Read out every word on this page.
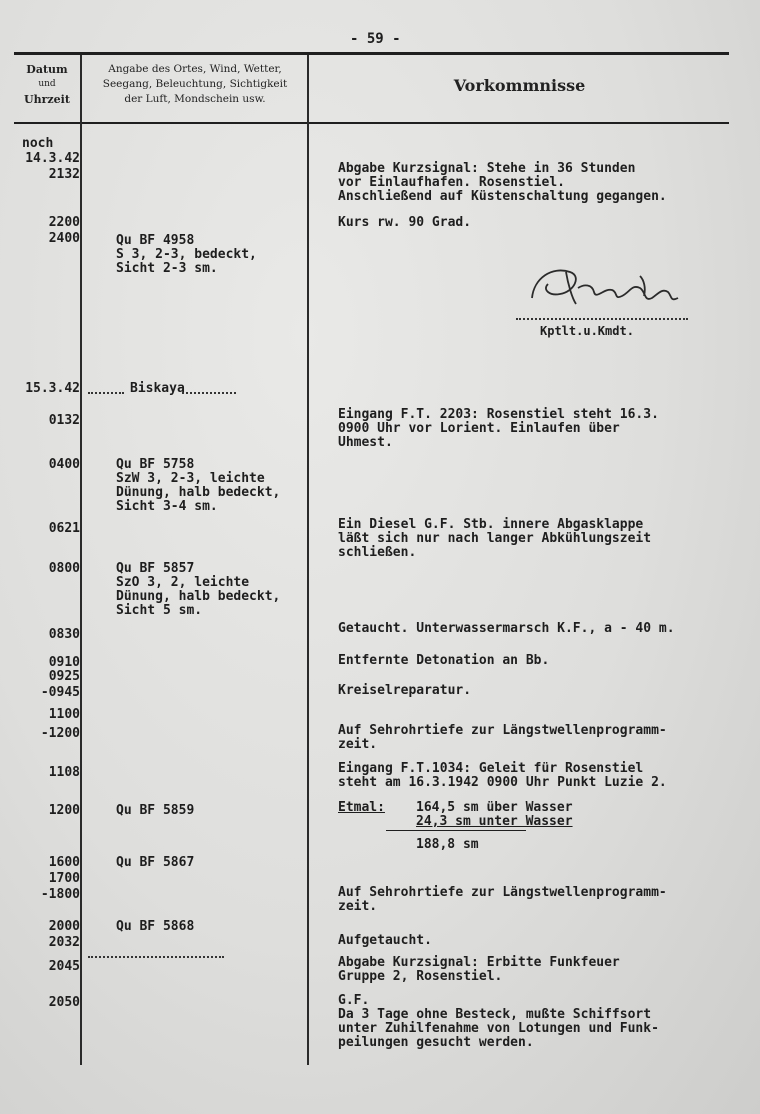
- 59 -
Datum
und
Uhrzeit
Angabe des Ortes, Wind, Wetter,
Seegang, Beleuchtung, Sichtigkeit
der Luft, Mondschein usw.
Vorkommnisse
noch
14.3.42
2132
2200
2400
15.3.42
0132
0400
0621
0800
0830
0910
0925
-0945
1100
-1200
1108
1200
1600
1700
-1800
2000
2032
2045
2050
Qu BF 4958
S 3, 2-3, bedeckt,
Sicht 2-3 sm.
Biskaya
Qu BF 5758
SzW 3, 2-3, leichte
Dünung, halb bedeckt,
Sicht 3-4 sm.
Qu BF 5857
SzO 3, 2, leichte
Dünung, halb bedeckt,
Sicht 5 sm.
Qu BF 5859
Qu BF 5867
Qu BF 5868
Abgabe Kurzsignal: Stehe in 36 Stunden
vor Einlaufhafen. Rosenstiel.
Anschließend auf Küstenschaltung gegangen.
Kurs rw. 90 Grad.
Kptlt.u.Kmdt.
Eingang F.T. 2203: Rosenstiel steht 16.3.
0900 Uhr vor Lorient. Einlaufen über
Uhmest.
Ein Diesel G.F. Stb. innere Abgasklappe
läßt sich nur nach langer Abkühlungszeit
schließen.
Getaucht. Unterwassermarsch K.F., a - 40 m.
Entfernte Detonation an Bb.
Kreiselreparatur.
Auf Sehrohrtiefe zur Längstwellenprogramm-
zeit.
Eingang F.T.1034: Geleit für Rosenstiel
steht am 16.3.1942 0900 Uhr Punkt Luzie 2.
Etmal: 164,5 sm über Wasser
24,3 sm unter Wasser
188,8 sm
Auf Sehrohrtiefe zur Längstwellenprogramm-
zeit.
Aufgetaucht.
Abgabe Kurzsignal: Erbitte Funkfeuer
Gruppe 2, Rosenstiel.
G.F.
Da 3 Tage ohne Besteck, mußte Schiffsort
unter Zuhilfenahme von Lotungen und Funk-
peilungen gesucht werden.
